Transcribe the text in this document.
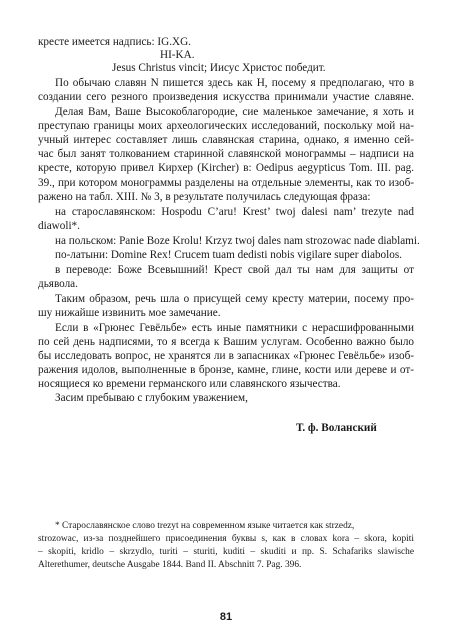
кресте имеется надпись: IG.XG.
HI-KA.
Jesus Christus vincit; Иисус Христос победит.
По обычаю славян N пишется здесь как H, посему я предполагаю, что в
создании сего резного произведения искусства принимали участие славяне.
Делая Вам, Ваше Высокоблагородие, сие маленькое замечание, я хоть и
преступаю границы моих археологических исследований, поскольку мой на-
учный интерес составляет лишь славянская старина, однако, я именно сей-
час был занят толкованием старинной славянской монограммы – надписи на
кресте, которую привел Кирхер (Kircher) в: Oedipus aegypticus Tom. III. pag.
39., при котором монограммы разделены на отдельные элементы, как то изоб-
ражено на табл. XIII. № 3, в результате получилась следующая фраза:
на старославянском: Hospodu C’aru! Krest’ twoj dalesi nam’ trezyte nad
diawoli*.
на польском: Panie Boze Krolu! Krzyz twoj dales nam strozowac nade diablami.
по-латыни: Domine Rex! Crucem tuam dedisti nobis vigilare super diabolos.
в переводе: Боже Всевышний! Крест свой дал ты нам для защиты от
дьявола.
Таким образом, речь шла о присущей сему кресту материи, посему про-
шу нижайше извинить мое замечание.
Если в «Грюнес Гевёльбе» есть иные памятники с нерасшифрованными
по сей день надписями, то я всегда к Вашим услугам. Особенно важно было
бы исследовать вопрос, не хранятся ли в запасниках «Грюнес Гевёльбе» изоб-
ражения идолов, выполненные в бронзе, камне, глине, кости или дереве и от-
носящиеся ко времени германского или славянского язычества.
Засим пребываю с глубоким уважением,
Т. ф. Воланский
* Старославянское слово trezyt на современном языке читается как strzedz,
strozowac, из-за позднейшего присоединения буквы s, как в словах kora – skora, kopiti
– skopiti, kridlo – skrzydlo, turiti – sturiti, kuditi – skuditi и пр. S. Schafariks slawische
Alterethumer, deutsche Ausgabe 1844. Band II. Abschnitt 7. Pag. 396.
81
